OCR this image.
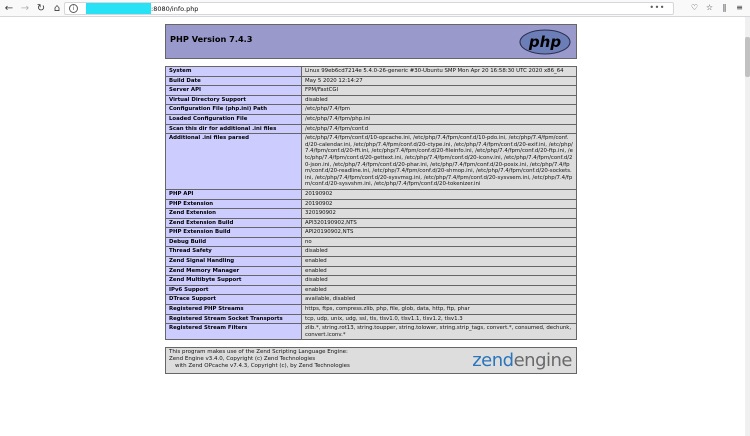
← → ↻ ⌂	i	:8080/info.php	•••	♡ ☆	∥	≡
PHP Version 7.4.3	php
System	Linux 99eb6cd7214e 5.4.0-26-generic #30-Ubuntu SMP Mon Apr 20 16:58:30 UTC 2020 x86_64
Build Date	May 5 2020 12:14:27
Server API	FPM/FastCGI
Virtual Directory Support	disabled
Configuration File (php.ini) Path	/etc/php/7.4/fpm
Loaded Configuration File	/etc/php/7.4/fpm/php.ini
Scan this dir for additional .ini files	/etc/php/7.4/fpm/conf.d
Additional .ini files parsed	/etc/php/7.4/fpm/conf.d/10-opcache.ini, /etc/php/7.4/fpm/conf.d/10-pdo.ini, /etc/php/7.4/fpm/conf.d/20-calendar.ini, /etc/php/7.4/fpm/conf.d/20-ctype.ini, /etc/php/7.4/fpm/conf.d/20-exif.ini, /etc/php/7.4/fpm/conf.d/20-ffi.ini, /etc/php/7.4/fpm/conf.d/20-fileinfo.ini, /etc/php/7.4/fpm/conf.d/20-ftp.ini, /etc/php/7.4/fpm/conf.d/20-gettext.ini, /etc/php/7.4/fpm/conf.d/20-iconv.ini, /etc/php/7.4/fpm/conf.d/20-json.ini, /etc/php/7.4/fpm/conf.d/20-phar.ini, /etc/php/7.4/fpm/conf.d/20-posix.ini, /etc/php/7.4/fpm/conf.d/20-readline.ini, /etc/php/7.4/fpm/conf.d/20-shmop.ini, /etc/php/7.4/fpm/conf.d/20-sockets.ini, /etc/php/7.4/fpm/conf.d/20-sysvmsg.ini, /etc/php/7.4/fpm/conf.d/20-sysvsem.ini, /etc/php/7.4/fpm/conf.d/20-sysvshm.ini, /etc/php/7.4/fpm/conf.d/20-tokenizer.ini
PHP API	20190902
PHP Extension	20190902
Zend Extension	320190902
Zend Extension Build	API320190902,NTS
PHP Extension Build	API20190902,NTS
Debug Build	no
Thread Safety	disabled
Zend Signal Handling	enabled
Zend Memory Manager	enabled
Zend Multibyte Support	disabled
IPv6 Support	enabled
DTrace Support	available, disabled
Registered PHP Streams	https, ftps, compress.zlib, php, file, glob, data, http, ftp, phar
Registered Stream Socket Transports	tcp, udp, unix, udg, ssl, tls, tlsv1.0, tlsv1.1, tlsv1.2, tlsv1.3
Registered Stream Filters	zlib.*, string.rot13, string.toupper, string.tolower, string.strip_tags, convert.*, consumed, dechunk, convert.iconv.*
This program makes use of the Zend Scripting Language Engine:
Zend Engine v3.4.0, Copyright (c) Zend Technologies
with Zend OPcache v7.4.3, Copyright (c), by Zend Technologies	zendengine
